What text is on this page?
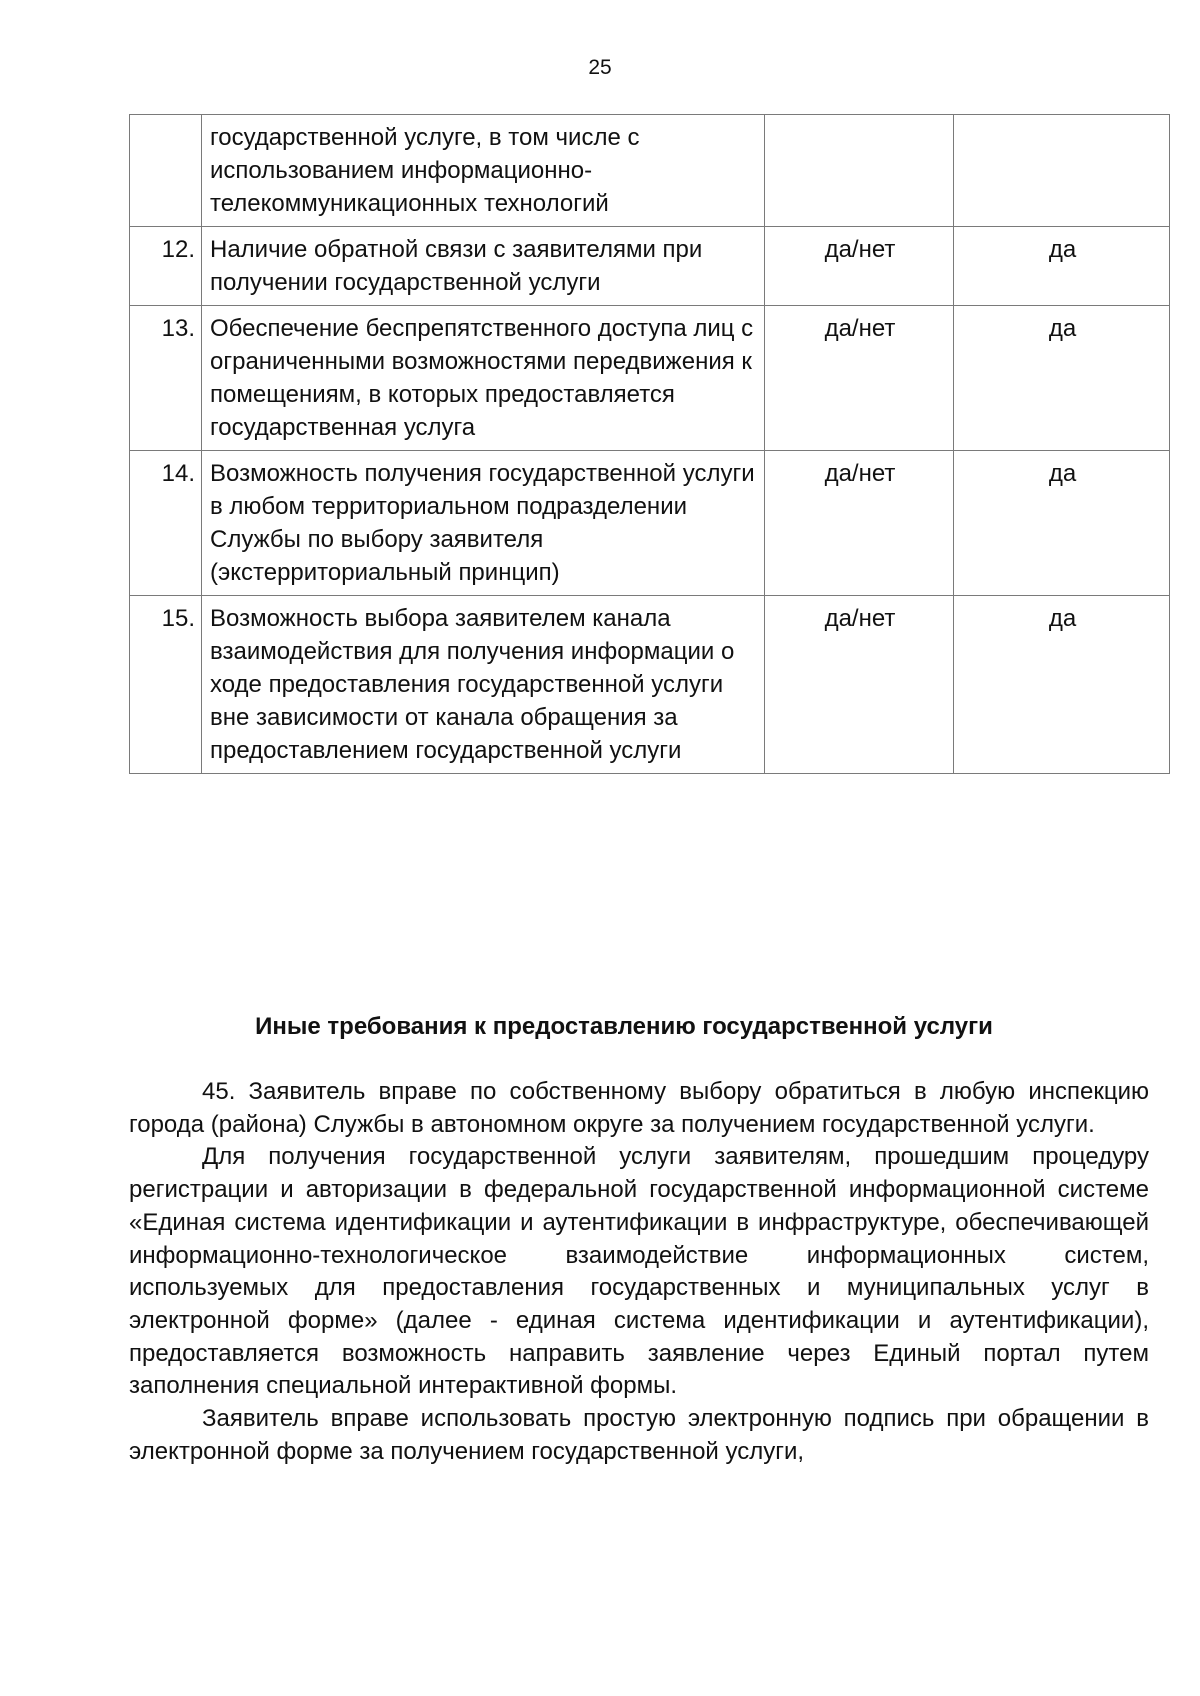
25
	государственной услуге, в том числе с использованием информационно-телекоммуникационных технологий		
12.	Наличие обратной связи с заявителями при получении государственной услуги	да/нет	да
13.	Обеспечение беспрепятственного доступа лиц с ограниченными возможностями передвижения к помещениям, в которых предоставляется государственная услуга	да/нет	да
14.	Возможность получения государственной услуги в любом территориальном подразделении Службы по выбору заявителя (экстерриториальный принцип)	да/нет	да
15.	Возможность выбора заявителем канала взаимодействия для получения информации о ходе предоставления государственной услуги вне зависимости от канала обращения за предоставлением государственной услуги	да/нет	да
Иные требования к предоставлению государственной услуги

45. Заявитель вправе по собственному выбору обратиться в любую инспекцию города (района) Службы в автономном округе за получением государственной услуги.

Для получения государственной услуги заявителям, прошедшим процедуру регистрации и авторизации в федеральной государственной информационной системе «Единая система идентификации и аутентификации в инфраструктуре, обеспечивающей информационно-технологическое взаимодействие информационных систем, используемых для предоставления государственных и муниципальных услуг в электронной форме» (далее - единая система идентификации и аутентификации), предоставляется возможность направить заявление через Единый портал путем заполнения специальной интерактивной формы.

Заявитель вправе использовать простую электронную подпись при обращении в электронной форме за получением государственной услуги,
